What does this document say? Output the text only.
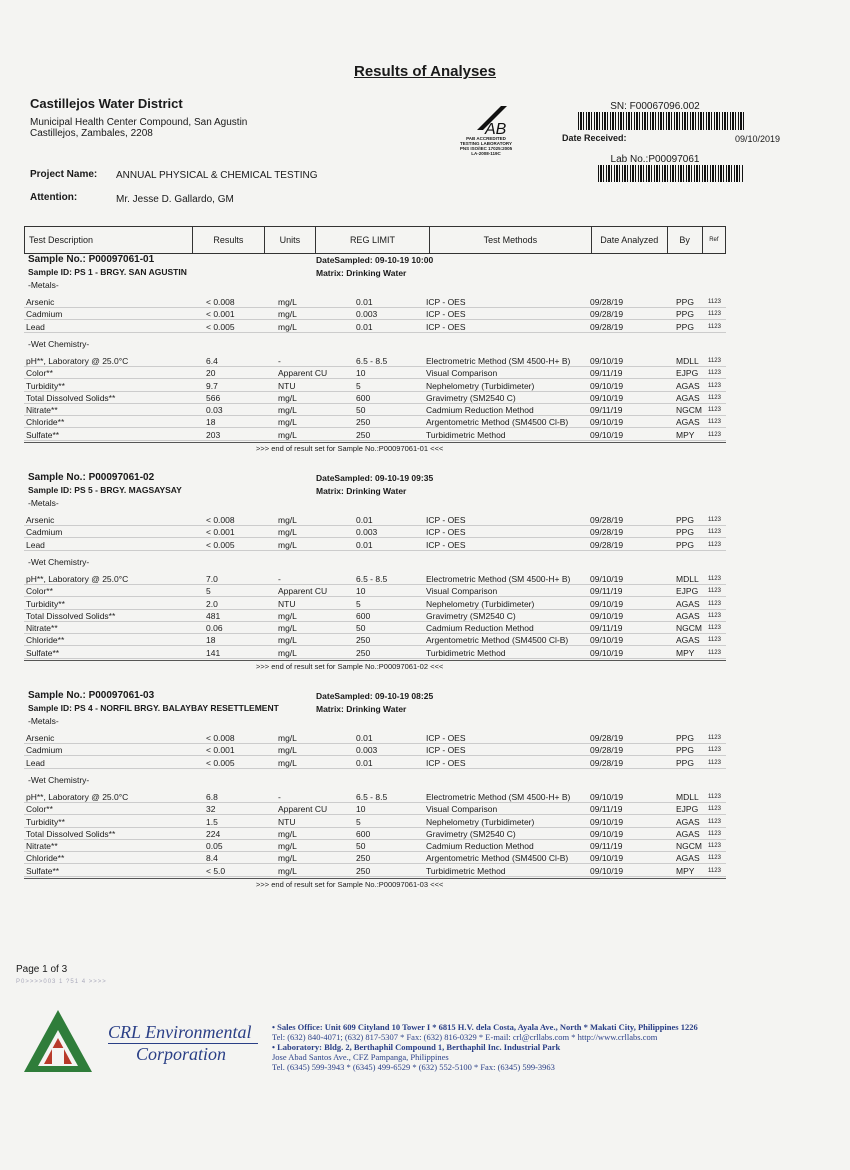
Results of Analyses
Castillejos Water District
Municipal Health Center Compound, San Agustin
Castillejos, Zambales, 2208	AB
PAB ACCREDITED
TESTING LABORATORY
PNS ISO/IEC 17025:2005
LA-2008-119C
SN: F00067096.002
Date Received:	09/10/2019
Lab No.:P00097061
Project Name: ANNUAL PHYSICAL & CHEMICAL TESTING
Attention:	Mr. Jesse D. Gallardo, GM
Test Description	Results	Units	REG LIMIT	Test Methods	Date Analyzed	By	Ref
Sample No.: P00097061-01	DateSampled: 09-10-19 10:00
Sample ID: PS 1 - BRGY. SAN AGUSTIN	Matrix: Drinking Water
-Metals-
Arsenic	< 0.008	mg/L	0.01	ICP - OES	09/28/19	PPG 1123
Cadmium	< 0.001	mg/L	0.003	ICP - OES	09/28/19	PPG 1123
Lead	< 0.005	mg/L	0.01	ICP - OES	09/28/19	PPG 1123
-Wet Chemistry-
pH**, Laboratory @ 25.0°C	6.4	-	6.5 - 8.5	Electrometric Method (SM 4500-H+ B) 09/10/19	MDLL 1123
Color**	20	Apparent CU	10	Visual Comparison	09/11/19	EJPG 1123
Turbidity**	9.7	NTU	5	Nephelometry (Turbidimeter)	09/10/19	AGAS 1123
Total Dissolved Solids**	566	mg/L	600	Gravimetry (SM2540 C)	09/10/19	AGAS 1123
Nitrate**	0.03	mg/L	50	Cadmium Reduction Method	09/11/19	NGCM 1123
Chloride**	18	mg/L	250	Argentometric Method (SM4500 Cl-B)	09/10/19	AGAS 1123
Sulfate**	203	mg/L	250	Turbidimetric Method	09/10/19	MPY 1123
>>> end of result set for Sample No.:P00097061-01 <<<
Sample No.: P00097061-02	DateSampled: 09-10-19 09:35
Sample ID: PS 5 - BRGY. MAGSAYSAY	Matrix: Drinking Water
-Metals-
Arsenic	< 0.008	mg/L	0.01	ICP - OES	09/28/19	PPG 1123
Cadmium	< 0.001	mg/L	0.003	ICP - OES	09/28/19	PPG 1123
Lead	< 0.005	mg/L	0.01	ICP - OES	09/28/19	PPG 1123
-Wet Chemistry-
pH**, Laboratory @ 25.0°C	7.0	-	6.5 - 8.5	Electrometric Method (SM 4500-H+ B) 09/10/19	MDLL 1123
Color**	5	Apparent CU	10	Visual Comparison	09/11/19	EJPG 1123
Turbidity**	2.0	NTU	5	Nephelometry (Turbidimeter)	09/10/19	AGAS 1123
Total Dissolved Solids**	481	mg/L	600	Gravimetry (SM2540 C)	09/10/19	AGAS 1123
Nitrate**	0.06	mg/L	50	Cadmium Reduction Method	09/11/19	NGCM 1123
Chloride**	18	mg/L	250	Argentometric Method (SM4500 Cl-B)	09/10/19	AGAS 1123
Sulfate**	141	mg/L	250	Turbidimetric Method	09/10/19	MPY 1123
>>> end of result set for Sample No.:P00097061-02 <<<
Sample No.: P00097061-03	DateSampled: 09-10-19 08:25
Sample ID: PS 4 - NORFIL BRGY. BALAYBAY RESETTLEMENT	Matrix: Drinking Water
-Metals-
Arsenic	< 0.008	mg/L	0.01	ICP - OES	09/28/19	PPG 1123
Cadmium	< 0.001	mg/L	0.003	ICP - OES	09/28/19	PPG 1123
Lead	< 0.005	mg/L	0.01	ICP - OES	09/28/19	PPG 1123
-Wet Chemistry-
pH**, Laboratory @ 25.0°C	6.8	-	6.5 - 8.5	Electrometric Method (SM 4500-H+ B) 09/10/19	MDLL 1123
Color**	32	Apparent CU	10	Visual Comparison	09/11/19	EJPG 1123
Turbidity**	1.5	NTU	5	Nephelometry (Turbidimeter)	09/10/19	AGAS 1123
Total Dissolved Solids**	224	mg/L	600	Gravimetry (SM2540 C)	09/10/19	AGAS 1123
Nitrate**	0.05	mg/L	50	Cadmium Reduction Method	09/11/19	NGCM 1123
Chloride**	8.4	mg/L	250	Argentometric Method (SM4500 Cl-B)	09/10/19	AGAS 1123
Sulfate**	< 5.0	mg/L	250	Turbidimetric Method	09/10/19	MPY 1123
>>> end of result set for Sample No.:P00097061-03 <<<
Page 1 of 3
P0>>>>003 1 ?51 4 >>>>
CRL Environmental
Corporation
• Sales Office: Unit 609 Cityland 10 Tower I * 6815 H.V. dela Costa, Ayala Ave., North * Makati City, Philippines 1226
Tel: (632) 840-4071; (632) 817-5307 * Fax: (632) 816-0329 * E-mail: crl@crllabs.com * http://www.crllabs.com
• Laboratory: Bldg. 2, Berthaphil Compound 1, Berthaphil Inc. Industrial Park
Jose Abad Santos Ave., CFZ Pampanga, Philippines
Tel. (6345) 599-3943 * (6345) 499-6529 * (632) 552-5100 * Fax: (6345) 599-3963
